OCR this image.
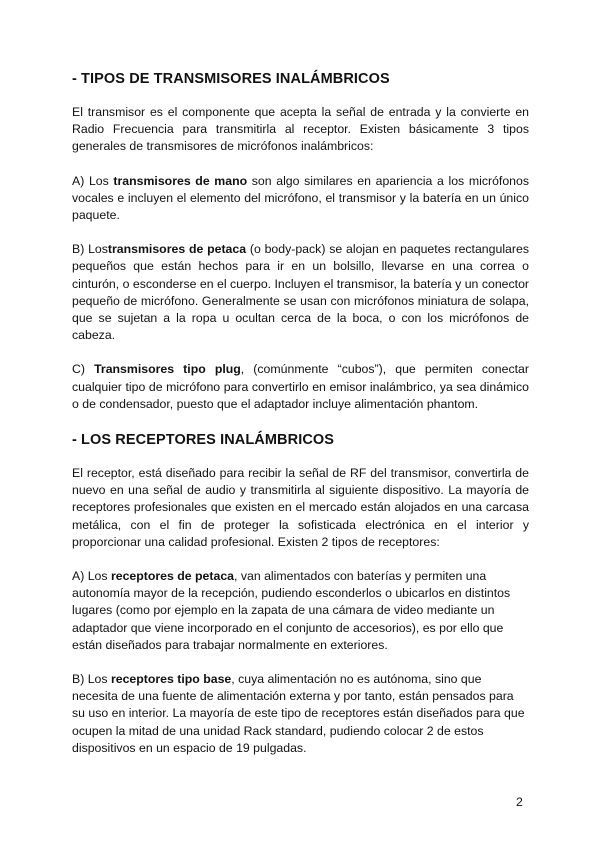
- TIPOS DE TRANSMISORES INALÁMBRICOS

El transmisor es el componente que acepta la señal de entrada y la convierte en Radio Frecuencia para transmitirla al receptor. Existen básicamente 3 tipos generales de transmisores de micrófonos inalámbricos:

A) Los transmisores de mano son algo similares en apariencia a los micrófonos vocales e incluyen el elemento del micrófono, el transmisor y la batería en un único paquete.

B) Lostransmisores de petaca (o body-pack) se alojan en paquetes rectangulares pequeños que están hechos para ir en un bolsillo, llevarse en una correa o cinturón, o esconderse en el cuerpo. Incluyen el transmisor, la batería y un conector pequeño de micrófono. Generalmente se usan con micrófonos miniatura de solapa, que se sujetan a la ropa u ocultan cerca de la boca, o con los micrófonos de cabeza.

C) Transmisores tipo plug, (comúnmente “cubos”), que permiten conectar cualquier tipo de micrófono para convertirlo en emisor inalámbrico, ya sea dinámico o de condensador, puesto que el adaptador incluye alimentación phantom.

- LOS RECEPTORES INALÁMBRICOS

El receptor, está diseñado para recibir la señal de RF del transmisor, convertirla de nuevo en una señal de audio y transmitirla al siguiente dispositivo. La mayoría de receptores profesionales que existen en el mercado están alojados en una carcasa metálica, con el fin de proteger la sofisticada electrónica en el interior y proporcionar una calidad profesional. Existen 2 tipos de receptores:

A) Los receptores de petaca, van alimentados con baterías y permiten una autonomía mayor de la recepción, pudiendo esconderlos o ubicarlos en distintos lugares (como por ejemplo en la zapata de una cámara de video mediante un adaptador que viene incorporado en el conjunto de accesorios), es por ello que están diseñados para trabajar normalmente en exteriores.

B) Los receptores tipo base, cuya alimentación no es autónoma, sino que necesita de una fuente de alimentación externa y por tanto, están pensados para su uso en interior. La mayoría de este tipo de receptores están diseñados para que ocupen la mitad de una unidad Rack standard, pudiendo colocar 2 de estos dispositivos en un espacio de 19 pulgadas.

2
